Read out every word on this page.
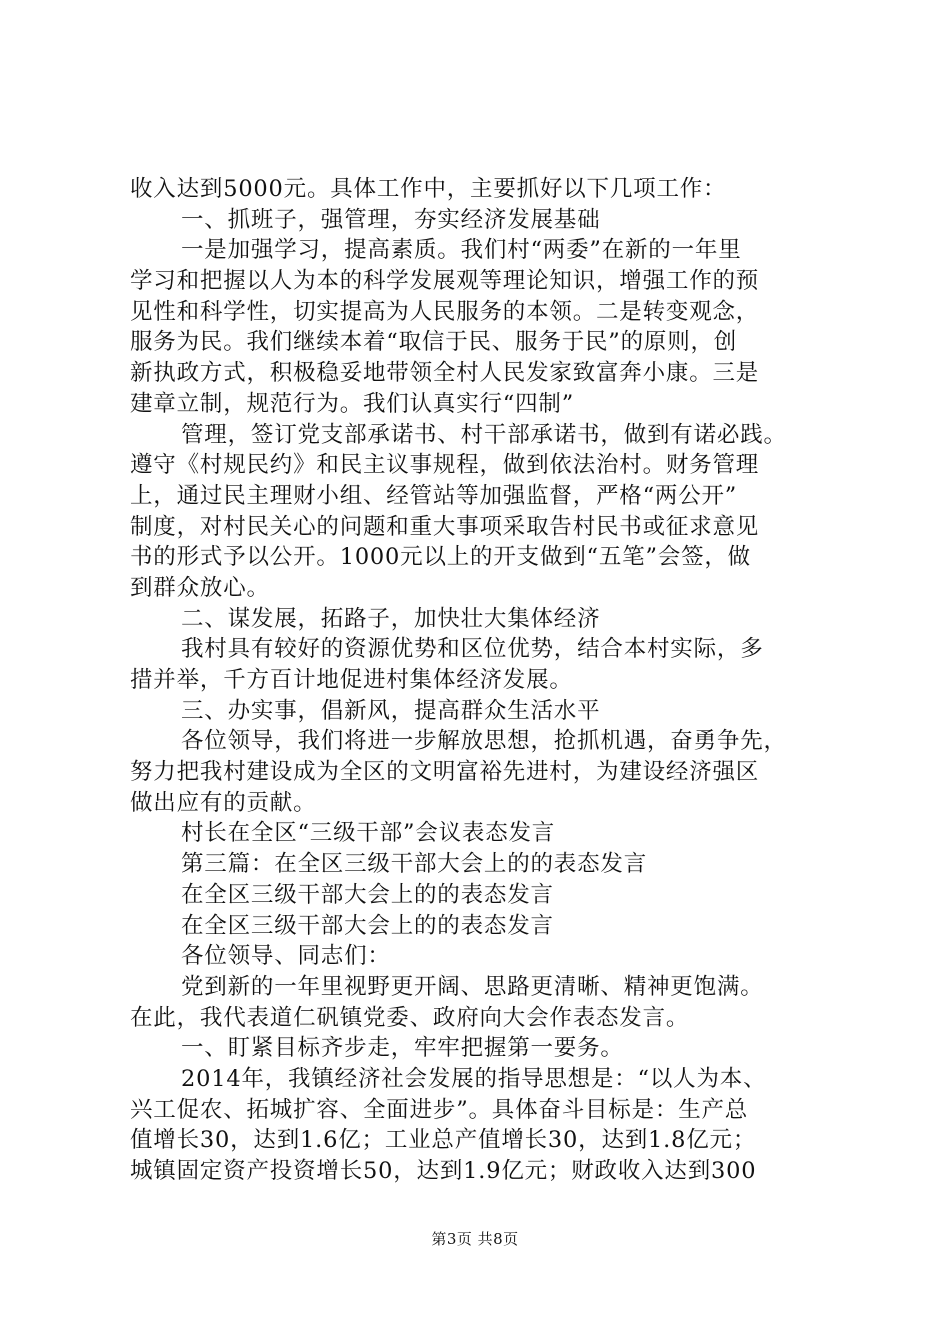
收入达到5000元。具体工作中，主要抓好以下几项工作：
一、抓班子，强管理，夯实经济发展基础
一是加强学习，提高素质。我们村“两委”在新的一年里
学习和把握以人为本的科学发展观等理论知识，增强工作的预
见性和科学性，切实提高为人民服务的本领。二是转变观念，
服务为民。我们继续本着“取信于民、服务于民”的原则，创
新执政方式，积极稳妥地带领全村人民发家致富奔小康。三是
建章立制，规范行为。我们认真实行“四制”
管理，签订党支部承诺书、村干部承诺书，做到有诺必践。
遵守《村规民约》和民主议事规程，做到依法治村。财务管理
上，通过民主理财小组、经管站等加强监督，严格“两公开”
制度，对村民关心的问题和重大事项采取告村民书或征求意见
书的形式予以公开。1000元以上的开支做到“五笔”会签，做
到群众放心。
二、谋发展，拓路子，加快壮大集体经济
我村具有较好的资源优势和区位优势，结合本村实际，多
措并举，千方百计地促进村集体经济发展。
三、办实事，倡新风，提高群众生活水平
各位领导，我们将进一步解放思想，抢抓机遇，奋勇争先，
努力把我村建设成为全区的文明富裕先进村，为建设经济强区
做出应有的贡献。
村长在全区“三级干部”会议表态发言
第三篇：在全区三级干部大会上的的表态发言
在全区三级干部大会上的的表态发言
在全区三级干部大会上的的表态发言
各位领导、同志们：
党到新的一年里视野更开阔、思路更清晰、精神更饱满。
在此，我代表道仁矾镇党委、政府向大会作表态发言。
一、盯紧目标齐步走，牢牢把握第一要务。
2014年，我镇经济社会发展的指导思想是：“以人为本、
兴工促农、拓城扩容、全面进步”。具体奋斗目标是：生产总
值增长30，达到1.6亿；工业总产值增长30，达到1.8亿元；
城镇固定资产投资增长50，达到1.9亿元；财政收入达到300
第3页 共8页
